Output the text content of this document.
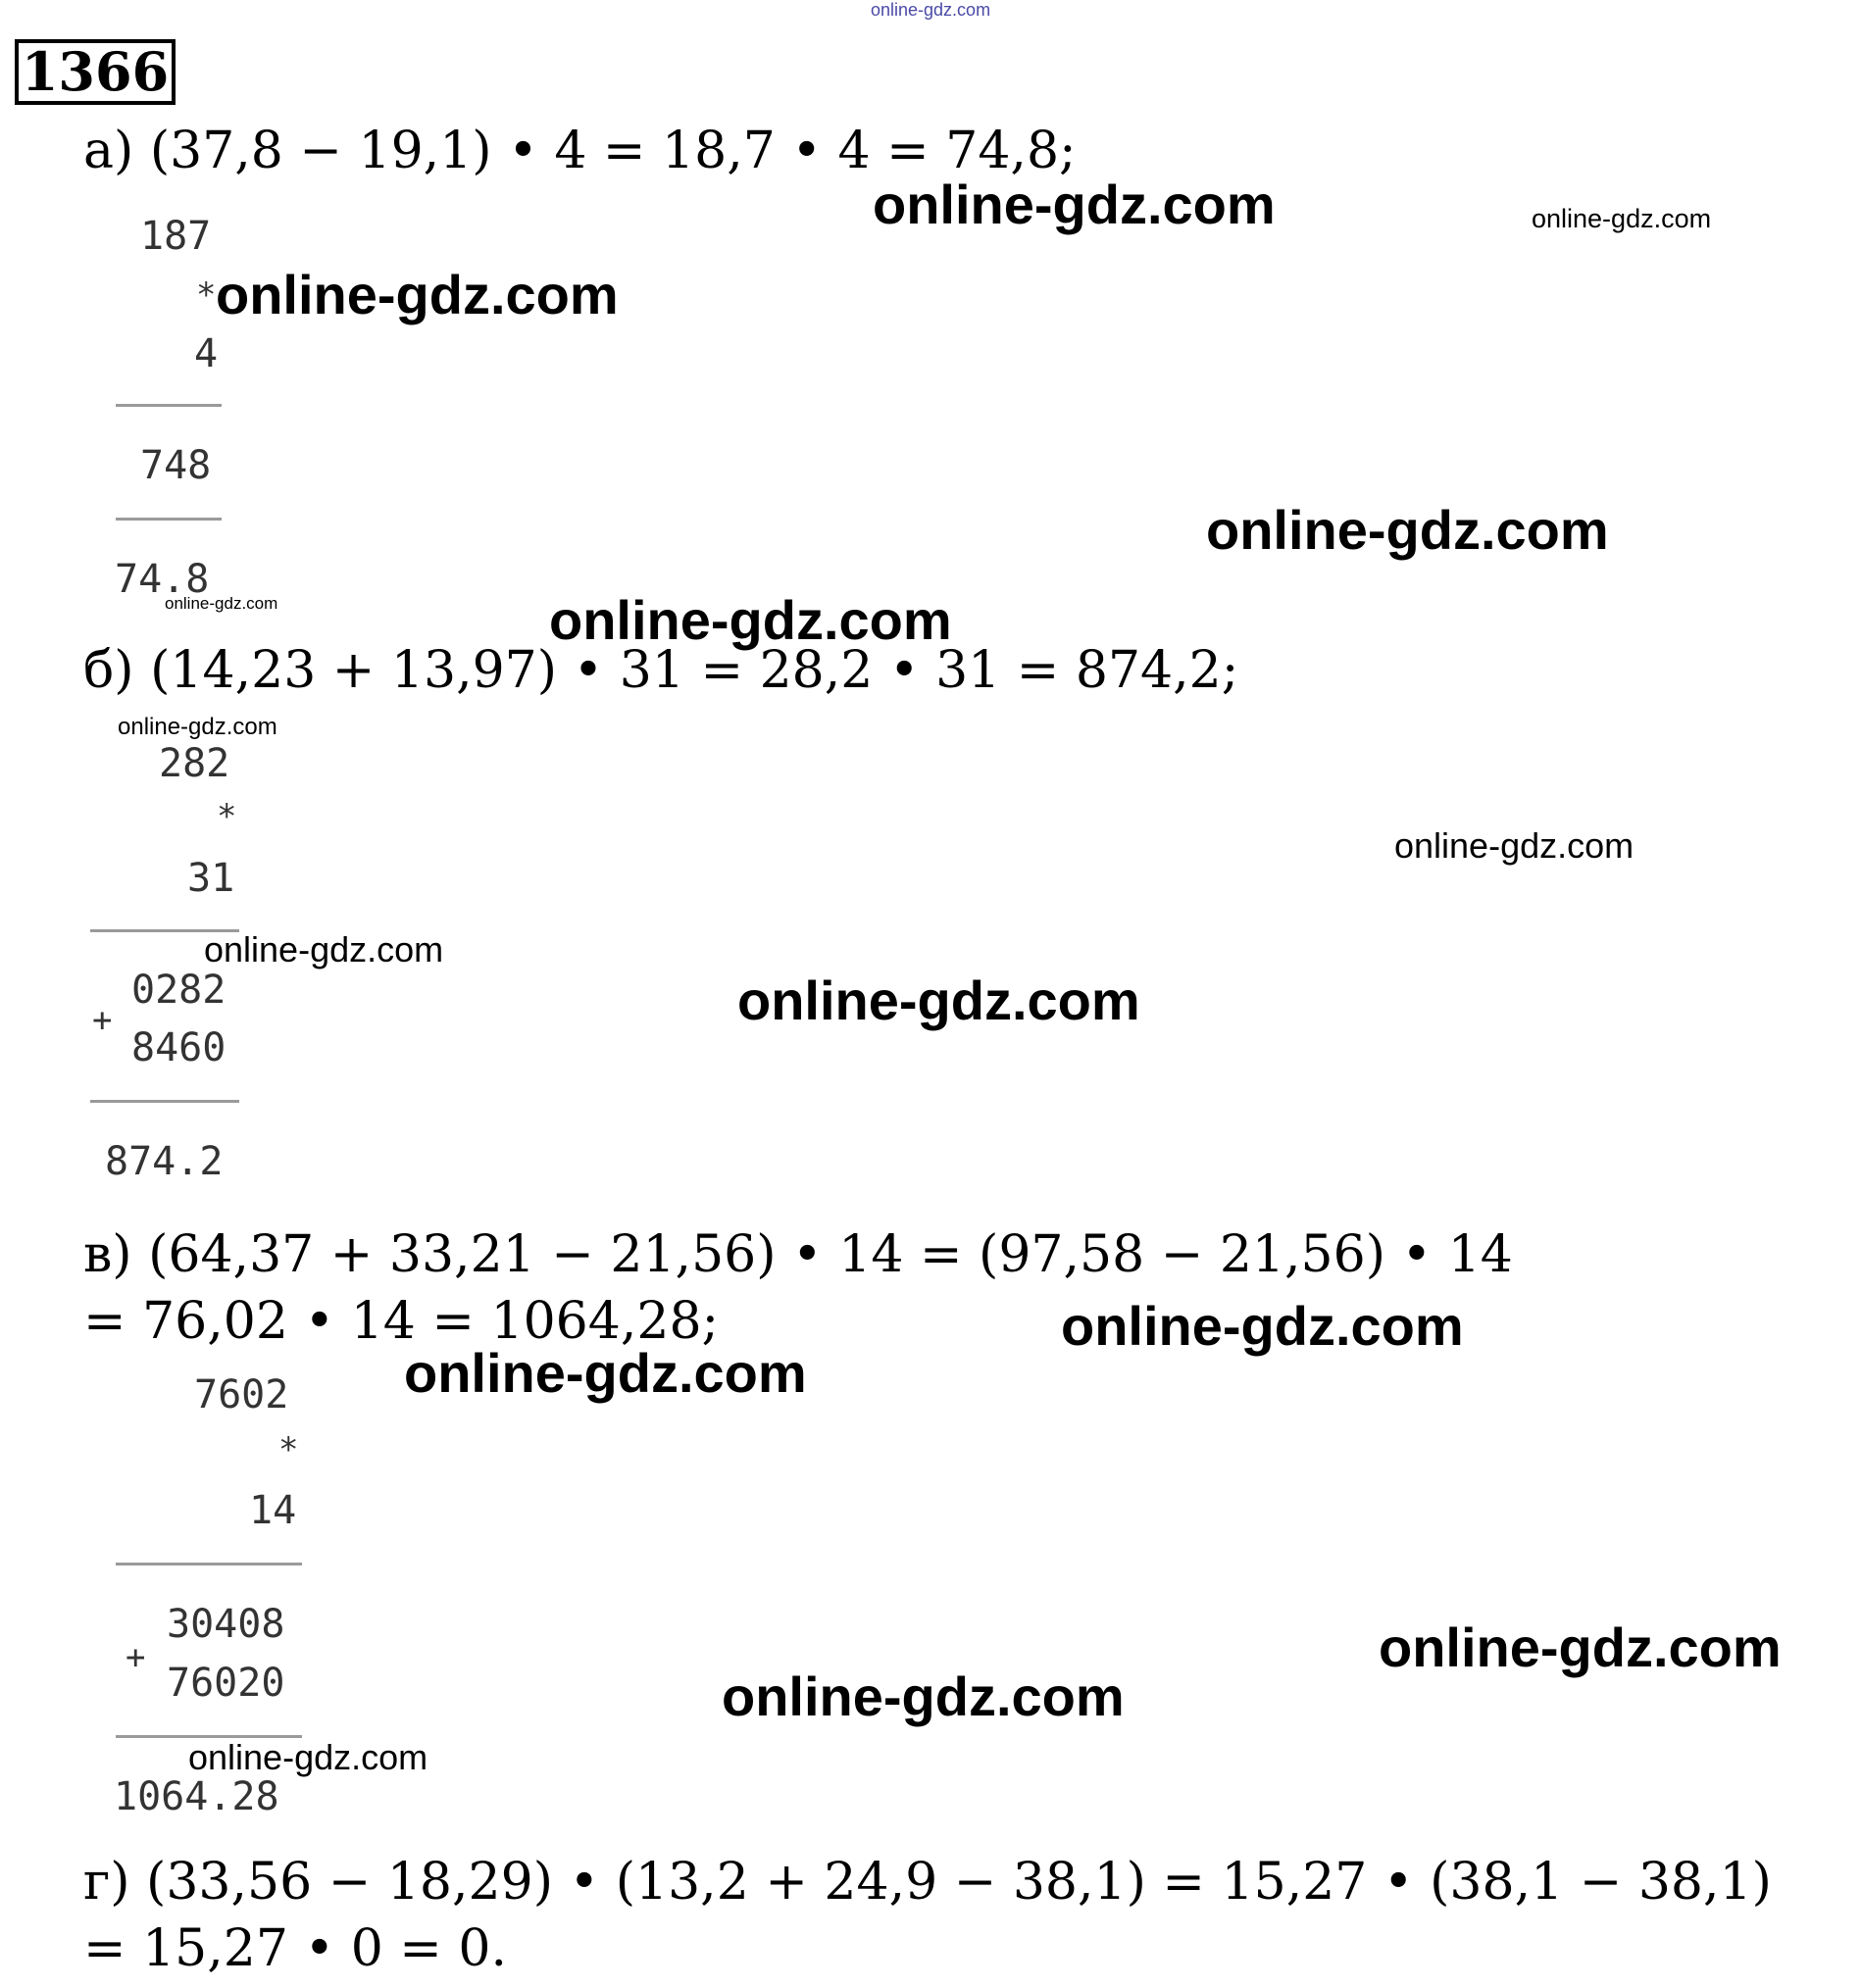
online-gdz.com
1366
а) (37,8 − 19,1) • 4 = 18,7 • 4 = 74,8;
187
*
4
748
74.8
б) (14,23 + 13,97) • 31 = 28,2 • 31 = 874,2;
282
*
31
0282
+
8460
874.2
в) (64,37 + 33,21 − 21,56) • 14 = (97,58 − 21,56) • 14
= 76,02 • 14 = 1064,28;
7602
*
14
30408
+
76020
1064.28
г) (33,56 − 18,29) • (13,2 + 24,9 − 38,1) = 15,27 • (38,1 − 38,1)
= 15,27 • 0 = 0.
online-gdz.com	online-gdz.com
online-gdz.com
online-gdz.com
online-gdz.com	online-gdz.com
online-gdz.com
online-gdz.com
online-gdz.com
online-gdz.com
online-gdz.com
online-gdz.com
online-gdz.com
online-gdz.com
online-gdz.com
